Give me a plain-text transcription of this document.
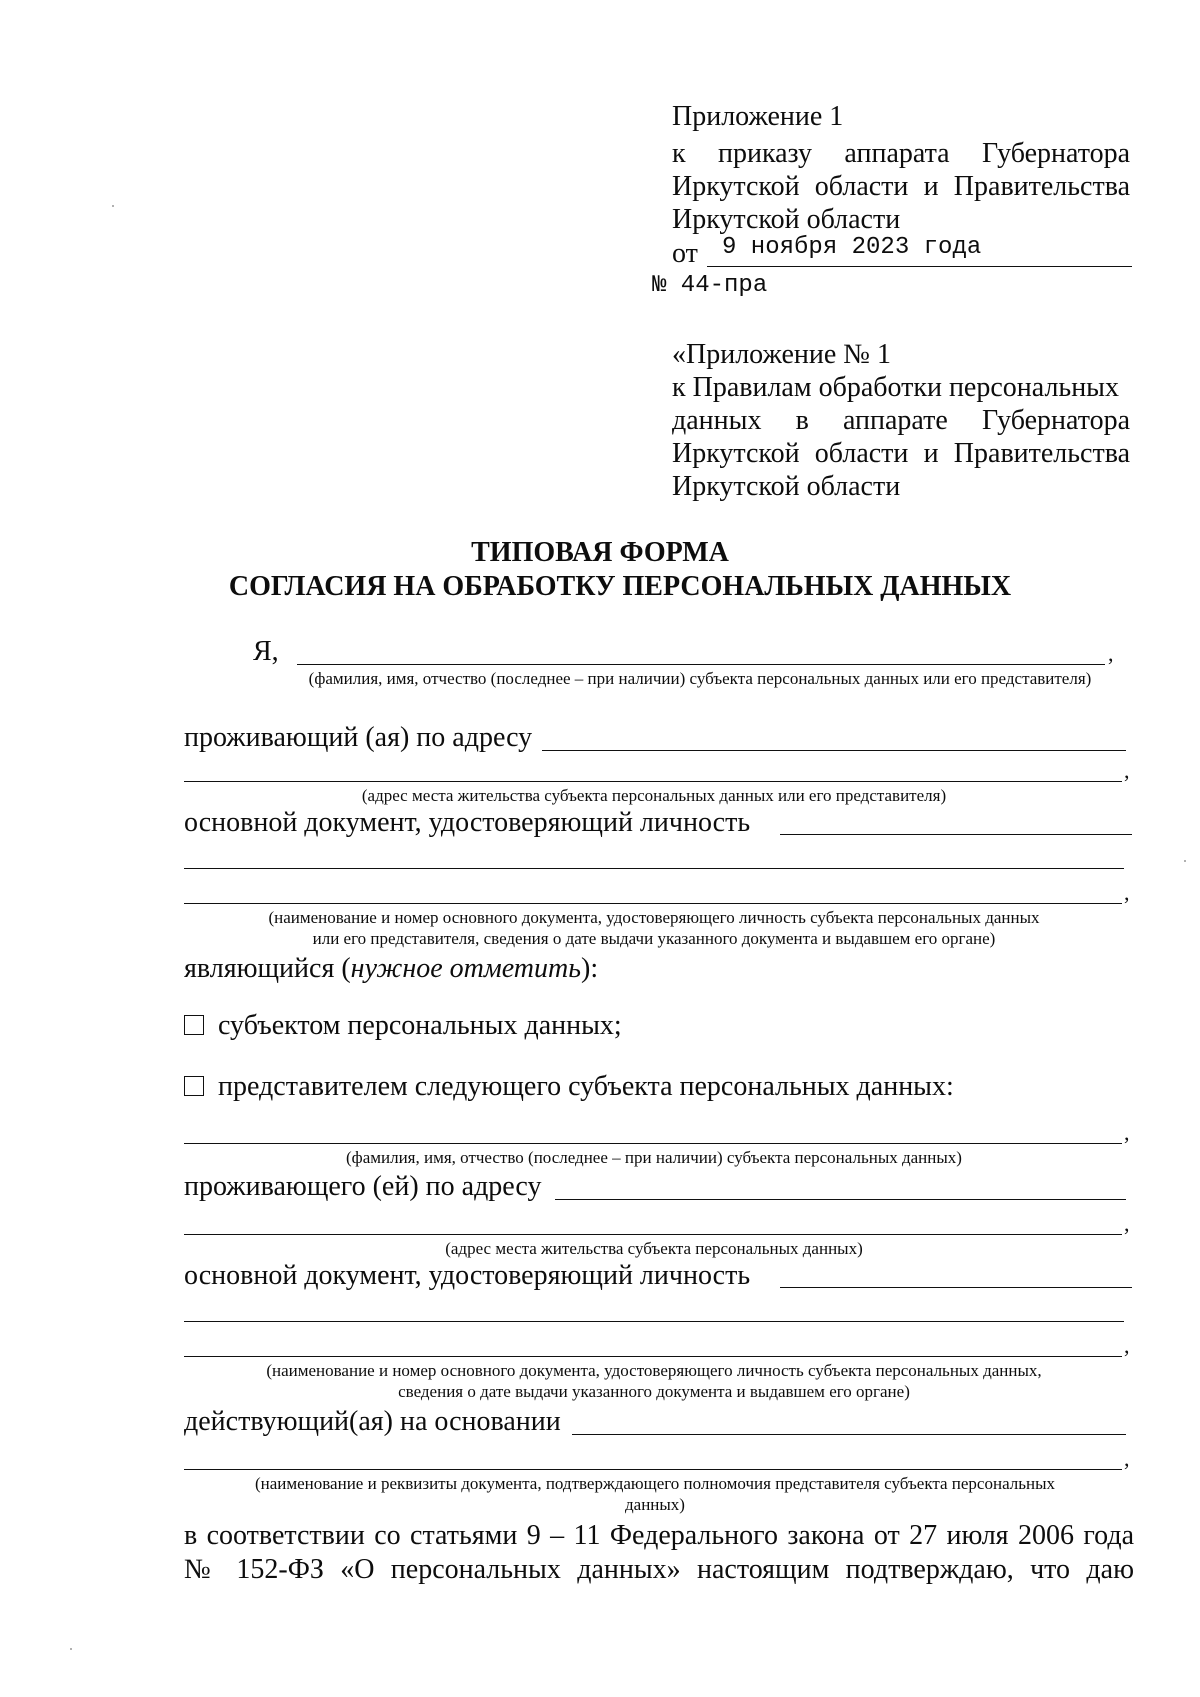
Приложение 1
к приказу аппарата Губернатора
Иркутской области и Правительства
Иркутской области
от 9 ноября 2023 года
№ 44-пра
«Приложение № 1
к Правилам обработки персональных
данных в аппарате Губернатора
Иркутской области и Правительства
Иркутской области
ТИПОВАЯ ФОРМА
СОГЛАСИЯ НА ОБРАБОТКУ ПЕРСОНАЛЬНЫХ ДАННЫХ
Я,	,
(фамилия, имя, отчество (последнее – при наличии) субъекта персональных данных или его представителя)
проживающий (ая) по адресу
,
(адрес места жительства субъекта персональных данных или его представителя)
основной документ, удостоверяющий личность
,
(наименование и номер основного документа, удостоверяющего личность субъекта персональных данных
или его представителя, сведения о дате выдачи указанного документа и выдавшем его органе)
являющийся (нужное отметить):
субъектом персональных данных;
представителем следующего субъекта персональных данных:
,
(фамилия, имя, отчество (последнее – при наличии) субъекта персональных данных)
проживающего (ей) по адресу
,
(адрес места жительства субъекта персональных данных)
основной документ, удостоверяющий личность
,
(наименование и номер основного документа, удостоверяющего личность субъекта персональных данных,
сведения о дате выдачи указанного документа и выдавшем его органе)
действующий(ая) на основании
,
(наименование и реквизиты документа, подтверждающего полномочия представителя субъекта персональных данных)
в соответствии со статьями 9 – 11 Федерального закона от 27 июля 2006 года
№ 152-ФЗ «О персональных данных» настоящим подтверждаю, что даю
